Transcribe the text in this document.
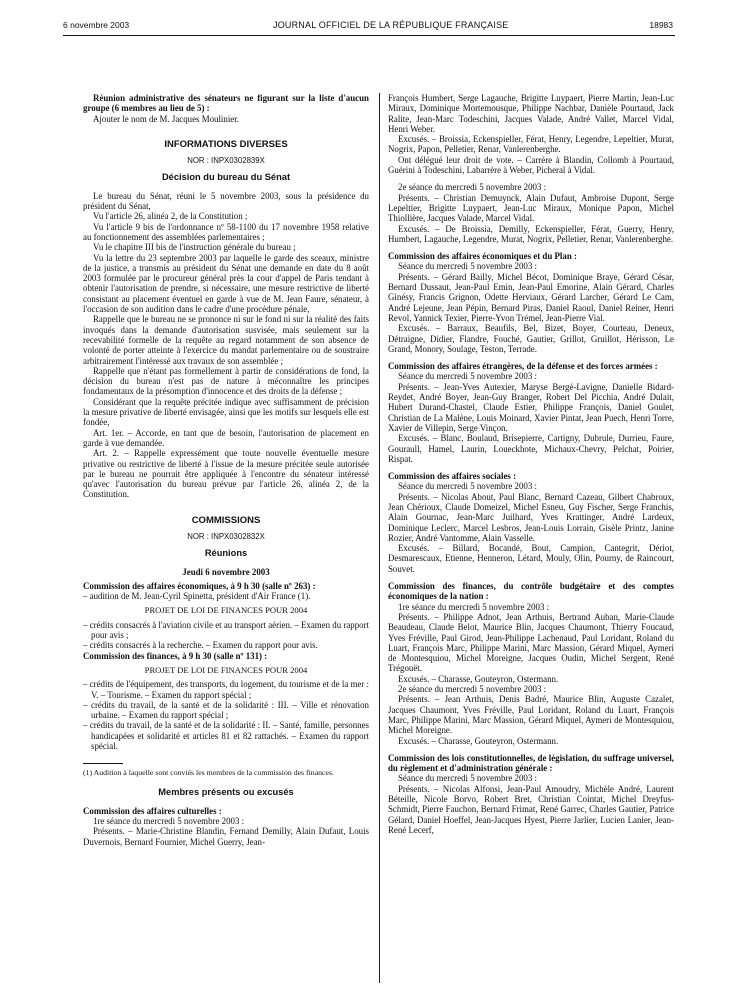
6 novembre 2003	JOURNAL OFFICIEL DE LA RÉPUBLIQUE FRANÇAISE	18983

Réunion administrative des sénateurs ne figurant sur la liste d'aucun groupe (6 membres au lieu de 5) :

Ajouter le nom de M. Jacques Moulinier.

INFORMATIONS DIVERSES
NOR : INPX0302839X
Décision du bureau du Sénat

Le bureau du Sénat, réuni le 5 novembre 2003, sous la présidence du président du Sénat,

Vu l'article 26, alinéa 2, de la Constitution ;

Vu l'article 9 bis de l'ordonnance nº 58-1100 du 17 novembre 1958 relative au fonctionnement des assemblées parlementaires ;

Vu le chapitre III bis de l'instruction générale du bureau ;

Vu la lettre du 23 septembre 2003 par laquelle le garde des sceaux, ministre de la justice, a transmis au président du Sénat une demande en date du 8 août 2003 formulée par le procureur général près la cour d'appel de Paris tendant à obtenir l'autorisation de prendre, si nécessaire, une mesure restrictive de liberté consistant au placement éventuel en garde à vue de M. Jean Faure, sénateur, à l'occasion de son audition dans le cadre d'une procédure pénale,

Rappelle que le bureau ne se prononce ni sur le fond ni sur la réalité des faits invoqués dans la demande d'autorisation susvisée, mais seulement sur la recevabilité formelle de la requête au regard notamment de son absence de volonté de porter atteinte à l'exercice du mandat parlementaire ou de soustraire arbitrairement l'intéressé aux travaux de son assemblée ;

Rappelle que n'étant pas formellement à partir de considérations de fond, la décision du bureau n'est pas de nature à méconnaître les principes fondamentaux de la présomption d'innocence et des droits de la défense ;

Considérant que la requête précitée indique avec suffisamment de précision la mesure privative de liberté envisagée, ainsi que les motifs sur lesquels elle est fondée,

Art. 1er. – Accorde, en tant que de besoin, l'autorisation de placement en garde à vue demandée.

Art. 2. – Rappelle expressément que toute nouvelle éventuelle mesure privative ou restrictive de liberté à l'issue de la mesure précitée seule autorisée par le bureau ne pourrait être appliquée à l'encontre du sénateur intéressé qu'avec l'autorisation du bureau prévue par l'article 26, alinéa 2, de la Constitution.

COMMISSIONS
NOR : INPX0302832X
Réunions

Jeudi 6 novembre 2003

Commission des affaires économiques, à 9 h 30 (salle nº 263) :

– audition de M. Jean-Cyril Spinetta, président d'Air France (1).

PROJET DE LOI DE FINANCES POUR 2004

– crédits consacrés à l'aviation civile et au transport aérien. – Examen du rapport pour avis ;

– crédits consacrés à la recherche. – Examen du rapport pour avis.

Commission des finances, à 9 h 30 (salle nº 131) :

PROJET DE LOI DE FINANCES POUR 2004

– crédits de l'équipement, des transports, du logement, du tourisme et de la mer : V. – Tourisme. – Examen du rapport spécial ;

– crédits du travail, de la santé et de la solidarité : III. – Ville et rénovation urbaine. – Examen du rapport spécial ;

– crédits du travail, de la santé et de la solidarité : II. – Santé, famille, personnes handicapées et solidarité et articles 81 et 82 rattachés. – Examen du rapport spécial.

(1) Audition à laquelle sont conviés les membres de la commission des finances.

Membres présents ou excusés

Commission des affaires culturelles :

1re séance du mercredi 5 novembre 2003 :

Présents. – Marie-Christine Blandin, Fernand Demilly, Alain Dufaut, Louis Duvernois, Bernard Fournier, Michel Guerry, Jean-

François Humbert, Serge Lagauche, Brigitte Luypaert, Pierre Martin, Jean-Luc Miraux, Dominique Mortemousque, Philippe Nachbar, Danièle Pourtaud, Jack Ralite, Jean-Marc Todeschini, Jacques Valade, André Vallet, Marcel Vidal, Henri Weber.

Excusés. – Broissia, Eckenspieller, Férat, Henry, Legendre, Lepeltier, Murat, Nogrix, Papon, Pelletier, Renar, Vanlerenberghe.

Ont délégué leur droit de vote. – Carrère à Blandin, Collomb à Pourtaud, Guérini à Todeschini, Labarrère à Weber, Picheral à Vidal.

2e séance du mercredi 5 novembre 2003 :

Présents. – Christian Demuynck, Alain Dufaut, Ambroise Dupont, Serge Lepeltier, Brigitte Luypaert, Jean-Luc Miraux, Monique Papon, Michel Thiollière, Jacques Valade, Marcel Vidal.

Excusés. – De Broissia, Demilly, Eckenspieller, Férat, Guerry, Henry, Humbert, Lagauche, Legendre, Murat, Nogrix, Pelletier, Renar, Vanlerenberghe.

Commission des affaires économiques et du Plan :

Séance du mercredi 5 novembre 2003 :

Présents. – Gérard Bailly, Michel Bécot, Dominique Braye, Gérard César, Bernard Dussaut, Jean-Paul Emin, Jean-Paul Emorine, Alain Gérard, Charles Ginésy, Francis Grignon, Odette Herviaux, Gérard Larcher, Gérard Le Cam, André Lejeune, Jean Pépin, Bernard Piras, Daniel Raoul, Daniel Reiner, Henri Revol, Yannick Texier, Pierre-Yvon Trémel, Jean-Pierre Vial.

Excusés. – Barraux, Beaufils, Bel, Bizet, Boyer, Courteau, Deneux, Détraigne, Didier, Flandre, Fouché, Gautier, Grillot, Gruillot, Hérisson, Le Grand, Monory, Soulage, Teston, Terrade.

Commission des affaires étrangères, de la défense et des forces armées :

Séance du mercredi 5 novembre 2003 :

Présents. – Jean-Yves Autexier, Maryse Bergé-Lavigne, Danielle Bidard-Reydet, André Boyer, Jean-Guy Branger, Robert Del Picchia, André Dulait, Hubert Durand-Chastel, Claude Estier, Philippe François, Daniel Goulet, Christian de La Malène, Louis Moinard, Xavier Pintat, Jean Puech, Henri Torre, Xavier de Villepin, Serge Vinçon.

Excusés. – Blanc, Boulaud, Brisepierre, Cartigny, Dubrule, Durrieu, Faure, Gouraull, Hamel, Laurin, Loueckhote, Michaux-Chevry, Pelchat, Poirier, Rispat.

Commission des affaires sociales :

Séance du mercredi 5 novembre 2003 :

Présents. – Nicolas About, Paul Blanc, Bernard Cazeau, Gilbert Chabroux, Jean Chérioux, Claude Domeizel, Michel Esneu, Guy Fischer, Serge Franchis, Alain Gournac, Jean-Marc Juilhard, Yves Krattinger, André Lardeux, Dominique Leclerc, Marcel Lesbros, Jean-Louis Lorrain, Gisèle Printz, Janine Rozier, André Vantomme, Alain Vasselle.

Excusés. – Billard, Bocandé, Bout, Campion, Cantegrit, Dériot, Desmarescaux, Etienne, Henneron, Létard, Mouly, Olin, Pourny, de Raincourt, Souvet.

Commission des finances, du contrôle budgétaire et des comptes économiques de la nation :

1re séance du mercredi 5 novembre 2003 :

Présents. – Philippe Adnot, Jean Arthuis, Bertrand Auban, Marie-Claude Beaudeau, Claude Belot, Maurice Blin, Jacques Chaumont, Thierry Foucaud, Yves Fréville, Paul Girod, Jean-Philippe Lachenaud, Paul Loridant, Roland du Luart, François Marc, Philippe Marini, Marc Massion, Gérard Miquel, Aymeri de Montesquiou, Michel Moreigne, Jacques Oudin, Michel Sergent, René Trégouët.

Excusés. – Charasse, Gouteyron, Ostermann.

2e séance du mercredi 5 novembre 2003 :

Présents. – Jean Arthuis, Denis Badré, Maurice Blin, Auguste Cazalet, Jacques Chaumont, Yves Fréville, Paul Loridant, Roland du Luart, François Marc, Philippe Marini, Marc Massion, Gérard Miquel, Aymeri de Montesquiou, Michel Moreigne.

Excusés. – Charasse, Gouteyron, Ostermann.

Commission des lois constitutionnelles, de législation, du suffrage universel, du règlement et d'administration générale :

Séance du mercredi 5 novembre 2003 :

Présents. – Nicolas Alfonsi, Jean-Paul Amoudry, Michèle André, Laurent Béteille, Nicole Borvo, Robert Bret, Christian Cointat, Michel Dreyfus-Schmidt, Pierre Fauchon, Bernard Frimat, René Garrec, Charles Gautier, Patrice Gélard, Daniel Hoeffel, Jean-Jacques Hyest, Pierre Jarlier, Lucien Lanier, Jean-René Lecerf,
